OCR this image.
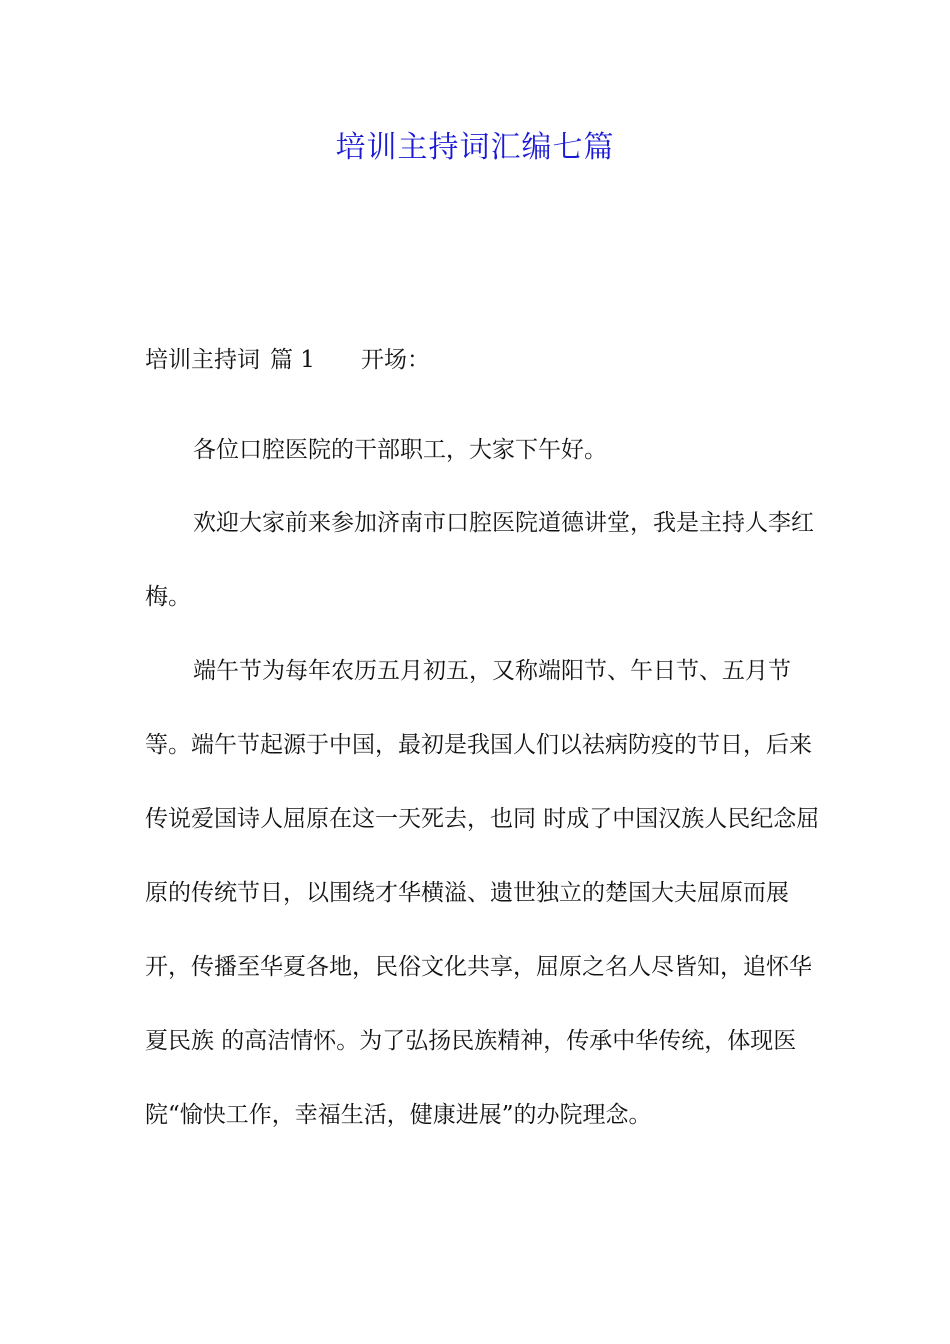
培训主持词汇编七篇
培训主持词 篇 1 开场：

各位口腔医院的干部职工，大家下午好。

欢迎大家前来参加济南市口腔医院道德讲堂，我是主持人李红梅。

端午节为每年农历五月初五，又称端阳节、午日节、五月节等。端午节起源于中国，最初是我国人们以祛病防疫的节日，后来传说爱国诗人屈原在这一天死去，也同 时成了中国汉族人民纪念屈原的传统节日，以围绕才华横溢、遗世独立的楚国大夫屈原而展开，传播至华夏各地，民俗文化共享，屈原之名人尽皆知，追怀华夏民族 的高洁情怀。为了弘扬民族精神，传承中华传统，体现医院“愉快工作，幸福生活，健康进展”的办院理念。
